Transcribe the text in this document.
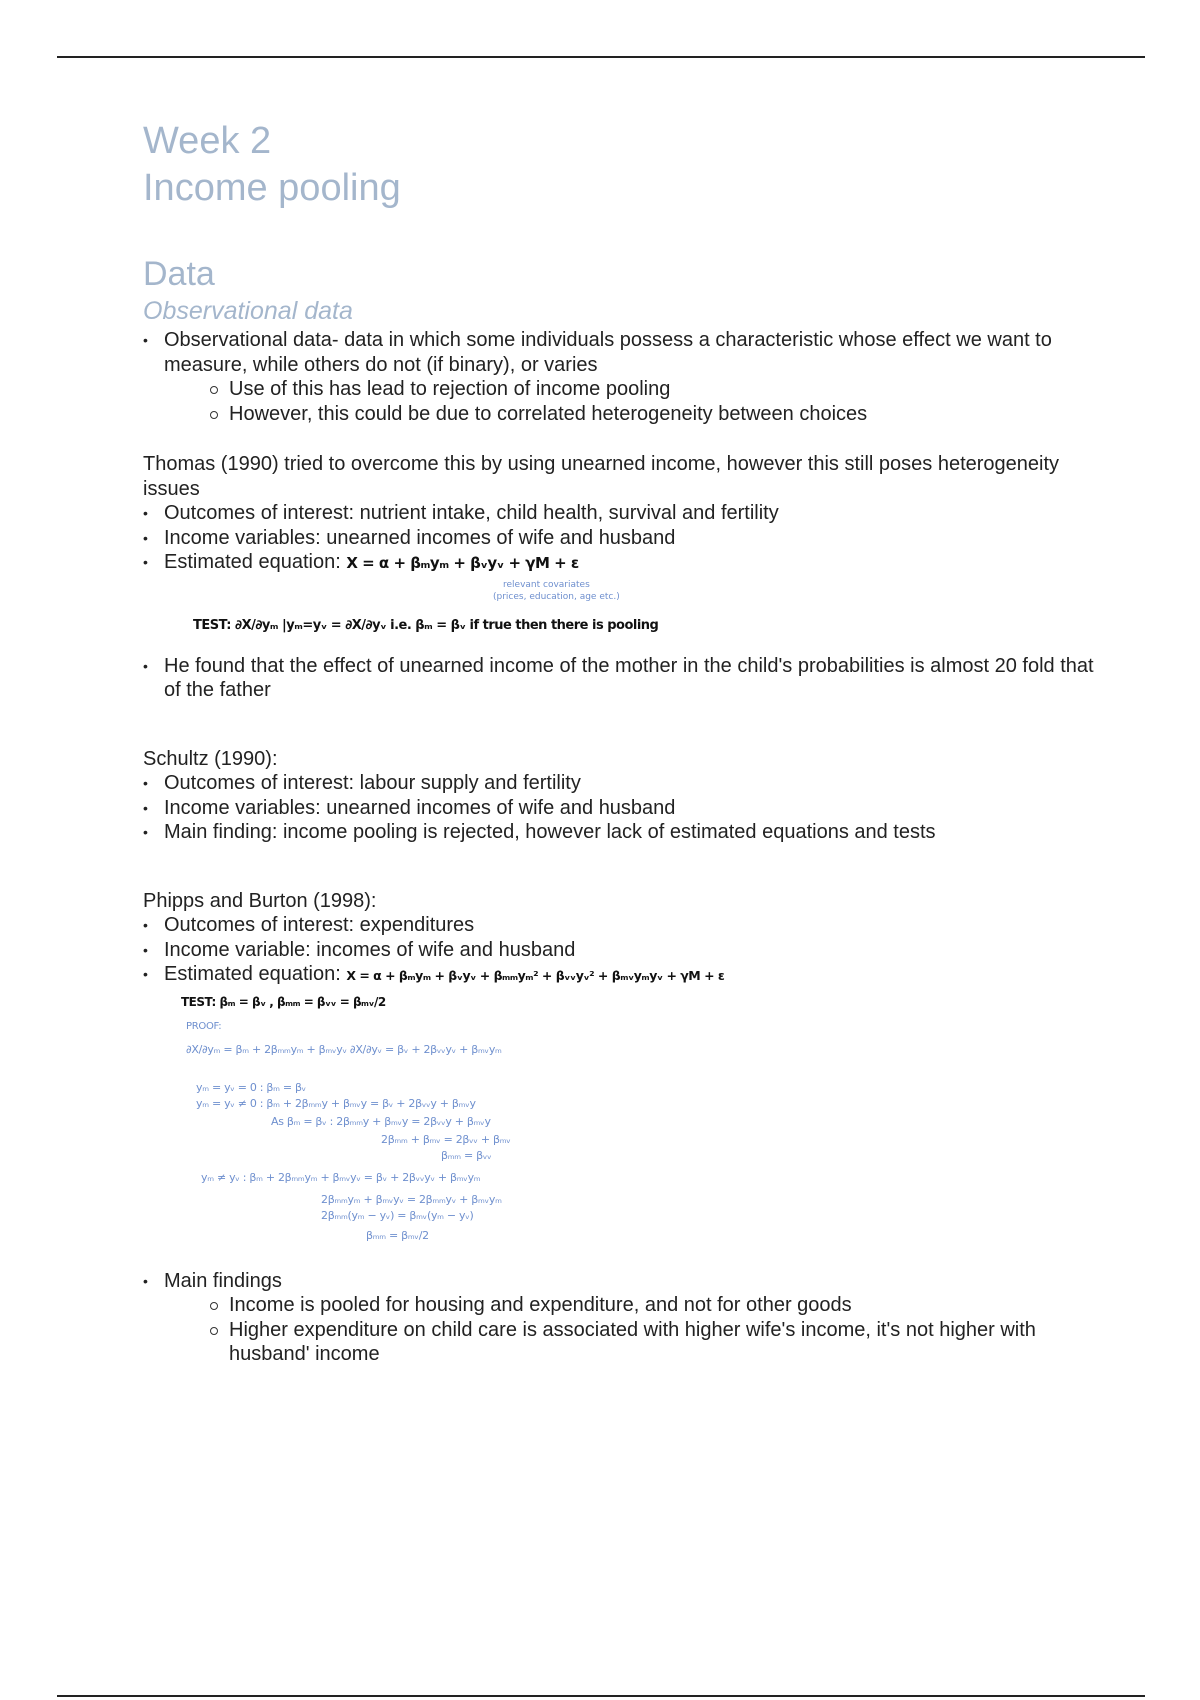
Week 2
Income pooling
Data
Observational data
• Observational data- data in which some individuals possess a characteristic whose effect we want to measure, while others do not (if binary), or varies
Use of this has lead to rejection of income pooling
However, this could be due to correlated heterogeneity between choices

Thomas (1990) tried to overcome this by using unearned income, however this still poses heterogeneity issues

• Outcomes of interest: nutrient intake, child health, survival and fertility
• Income variables: unearned incomes of wife and husband
• Estimated equation: X = α + βₘyₘ + βᵥyᵥ + γM + ε
relevant covariates
(prices, education, age etc.)
TEST: ∂X/∂yₘ |yₘ=yᵥ = ∂X/∂yᵥ i.e. βₘ = βᵥ if true then there is pooling
• He found that the effect of unearned income of the mother in the child's probabilities is almost 20 fold that of the father

Schultz (1990):

• Outcomes of interest: labour supply and fertility
• Income variables: unearned incomes of wife and husband
• Main finding: income pooling is rejected, however lack of estimated equations and tests

Phipps and Burton (1998):

• Outcomes of interest: expenditures
• Income variable: incomes of wife and husband
• Estimated equation: X = α + βₘyₘ + βᵥyᵥ + βₘₘyₘ² + βᵥᵥyᵥ² + βₘᵥyₘyᵥ + γM + ε
TEST: βₘ = βᵥ , βₘₘ = βᵥᵥ = βₘᵥ/2
PROOF:
∂X/∂yₘ = βₘ + 2βₘₘyₘ + βₘᵥyᵥ ∂X/∂yᵥ = βᵥ + 2βᵥᵥyᵥ + βₘᵥyₘ
yₘ = yᵥ = 0 : βₘ = βᵥ
yₘ = yᵥ ≠ 0 : βₘ + 2βₘₘy + βₘᵥy = βᵥ + 2βᵥᵥy + βₘᵥy
As βₘ = βᵥ : 2βₘₘy + βₘᵥy = 2βᵥᵥy + βₘᵥy
2βₘₘ + βₘᵥ = 2βᵥᵥ + βₘᵥ
βₘₘ = βᵥᵥ
yₘ ≠ yᵥ : βₘ + 2βₘₘyₘ + βₘᵥyᵥ = βᵥ + 2βᵥᵥyᵥ + βₘᵥyₘ
2βₘₘyₘ + βₘᵥyᵥ = 2βₘₘyᵥ + βₘᵥyₘ
2βₘₘ(yₘ − yᵥ) = βₘᵥ(yₘ − yᵥ)
βₘₘ = βₘᵥ/2
• Main findings
Income is pooled for housing and expenditure, and not for other goods
Higher expenditure on child care is associated with higher wife's income, it's not higher with husband' income
